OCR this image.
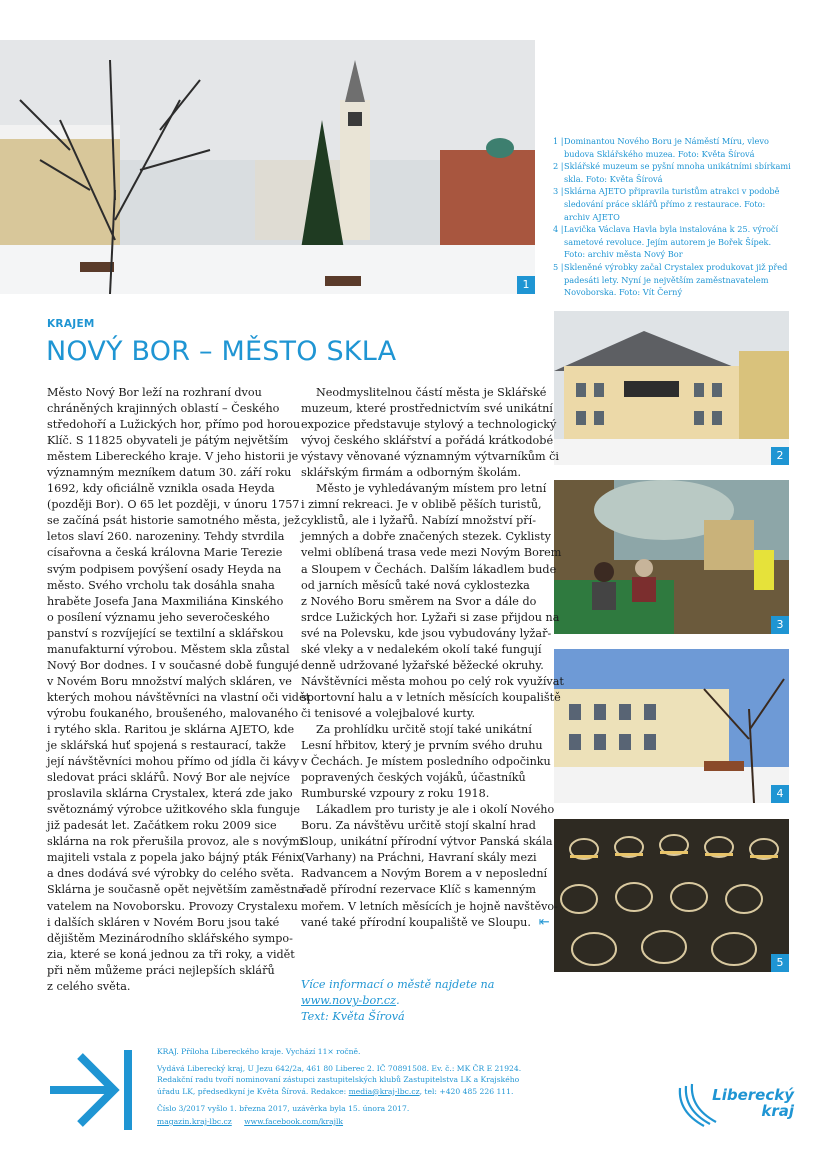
1
1 | Dominantou Nového Boru je Náměstí Míru, vlevo budova Sklářského muzea. Foto: Květa Šírová
2 | Sklářské muzeum se pyšní mnoha unikátními sbírkami skla. Foto: Květa Šírová
3 | Sklárna AJETO připravila turistům atrakci v podobě sledování práce sklářů přímo z restaurace. Foto: archiv AJETO
4 | Lavička Václava Havla byla instalována k 25. výročí sametové revoluce. Jejím autorem je Bořek Šípek. Foto: archiv města Nový Bor
5 | Skleněné výrobky začal Crystalex produkovat již před padesáti lety. Nyní je největším zaměstnavatelem Novoborska. Foto: Vít Černý
2
3
4
5
KRAJEM
NOVÝ BOR – MĚSTO SKLA
Město Nový Bor leží na rozhraní dvou
chráněných krajinných oblastí – Českého
středohoří a Lužických hor, přímo pod horou
Klíč. S 11825 obyvateli je pátým největším
městem Libereckého kraje. V jeho historii je
významným mezníkem datum 30. září roku
1692, kdy oficiálně vznikla osada Heyda
(později Bor). O 65 let později, v únoru 1757
se začíná psát historie samotného města, jež
letos slaví 260. narozeniny. Tehdy stvrdila
císařovna a česká královna Marie Terezie
svým podpisem povýšení osady Heyda na
město. Svého vrcholu tak dosáhla snaha
hraběte Josefa Jana Maxmiliána Kinského
o posílení významu jeho severočeského
panství s rozvíjející se textilní a sklářskou
manufakturní výrobou. Městem skla zůstal
Nový Bor dodnes. I v současné době fungujé
v Novém Boru množství malých skláren, ve
kterých mohou návštěvníci na vlastní oči vidět
výrobu foukaného, broušeného, malovaného
i rytého skla. Raritou je sklárna AJETO, kde
je sklářská huť spojená s restaurací, takže
její návštěvníci mohou přímo od jídla či kávy
sledovat práci sklářů. Nový Bor ale nejvíce
proslavila sklárna Crystalex, která zde jako
světoznámý výrobce užitkového skla funguje
již padesát let. Začátkem roku 2009 sice
sklárna na rok přerušila provoz, ale s novými
majiteli vstala z popela jako bájný pták Fénix
a dnes dodává své výrobky do celého světa.
Sklárna je současně opět největším zaměstna-
vatelem na Novoborsku. Provozy Crystalexu
i dalších skláren v Novém Boru jsou také
dějištěm Mezinárodního sklářského sympo-
zia, které se koná jednou za tři roky, a vidět
při něm můžeme práci nejlepších sklářů
z celého světa.
Neodmyslitelnou částí města je Sklářské
muzeum, které prostřednictvím své unikátní
expozice představuje stylový a technologický
vývoj českého sklářství a pořádá krátkodobé
výstavy věnované významným výtvarníkům či
sklářským firmám a odborným školám.
Město je vyhledávaným místem pro letní
i zimní rekreaci. Je v oblibě pěších turistů,
cyklistů, ale i lyžařů. Nabízí množství pří-
jemných a dobře značených stezek. Cyklisty
velmi oblíbená trasa vede mezi Novým Borem
a Sloupem v Čechách. Dalším lákadlem bude
od jarních měsíců také nová cyklostezka
z Nového Boru směrem na Svor a dále do
srdce Lužických hor. Lyžaři si zase přijdou na
své na Polevsku, kde jsou vybudovány lyžař-
ské vleky a v nedalekém okolí také fungují
denně udržované lyžařské běžecké okruhy.
Návštěvníci města mohou po celý rok využívat
sportovní halu a v letních měsících koupaliště
či tenisové a volejbalové kurty.
Za prohlídku určitě stojí také unikátní
Lesní hřbitov, který je prvním svého druhu
v Čechách. Je místem posledního odpočinku
popravených českých vojáků, účastníků
Rumburské vzpoury z roku 1918.
Lákadlem pro turisty je ale i okolí Nového
Boru. Za návštěvu určitě stojí skalní hrad
Sloup, unikátní přírodní výtvor Panská skála
(Varhany) na Práchni, Havraní skály mezi
Radvancem a Novým Borem a v neposlední
řadě přírodní rezervace Klíč s kamenným
mořem. V letních měsících je hojně navštěvo-
vané také přírodní koupaliště ve Sloupu. ⇤
Více informací o městě najdete na
www.novy-bor.cz.
Text: Květa Šírová
KRAJ. Příloha Libereckého kraje. Vychází 11× ročně.
Vydává Liberecký kraj, U Jezu 642/2a, 461 80 Liberec 2. IČ 70891508. Ev. č.: MK ČR E 21924.
Redakční radu tvoří nominovaní zástupci zastupitelských klubů Zastupitelstva LK a Krajského
úřadu LK, předsedkyní je Květa Šírová. Redakce: media@kraj-lbc.cz, tel: +420 485 226 111.
Číslo 3/2017 vyšlo 1. března 2017, uzávěrka byla 15. února 2017.
magazin.kraj-lbc.cz www.facebook.com/krajlk
Liberecký
kraj
